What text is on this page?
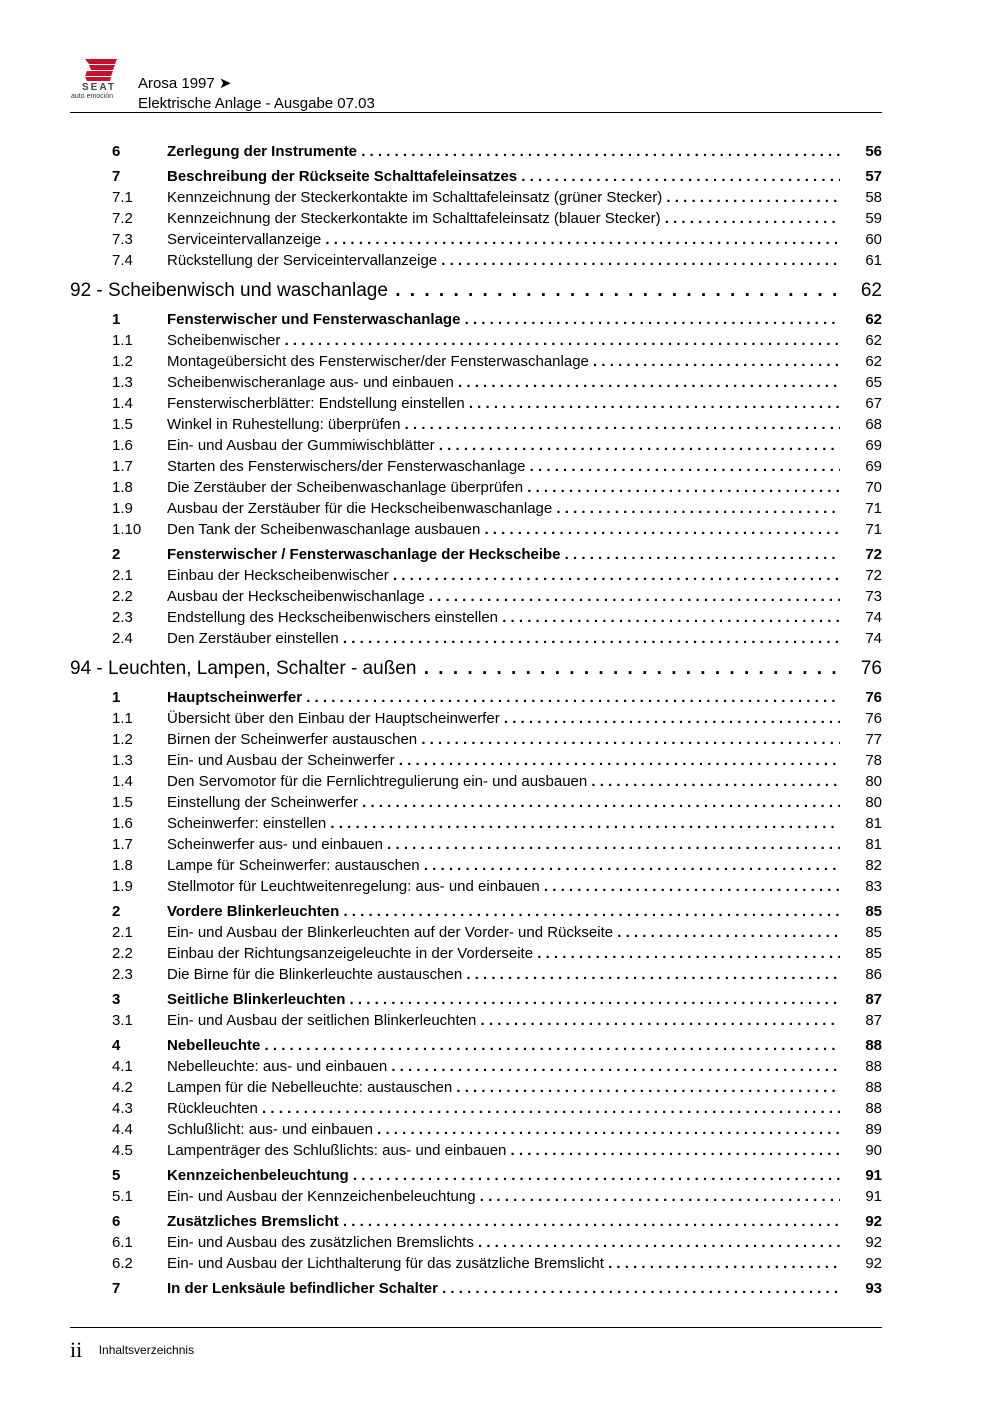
SEAT
auto emoción
Arosa 1997 ➤
Elektrische Anlage - Ausgabe 07.03
6	Zerlegung der Instrumente . . .	56
7	Beschreibung der Rückseite Schalttafeleinsatzes . . .	57
7.1 Kennzeichnung der Steckerkontakte im Schalttafeleinsatz (grüner Stecker) . . .	58
7.2 Kennzeichnung der Steckerkontakte im Schalttafeleinsatz (blauer Stecker) . . .	59
7.3 Serviceintervallanzeige . . .	60
7.4 Rückstellung der Serviceintervallanzeige . . .	61
92 - Scheibenwisch und waschanlage . . .	62
1	Fensterwischer und Fensterwaschanlage . . .	62
1.1 Scheibenwischer . . .	62
1.2 Montageübersicht des Fensterwischer/der Fensterwaschanlage . . .	62
1.3 Scheibenwischeranlage aus- und einbauen . . .	65
1.4 Fensterwischerblätter: Endstellung einstellen . . .	67
1.5 Winkel in Ruhestellung: überprüfen . . .	68
1.6 Ein- und Ausbau der Gummiwischblätter . . .	69
1.7 Starten des Fensterwischers/der Fensterwaschanlage . . .	69
1.8 Die Zerstäuber der Scheibenwaschanlage überprüfen . . .	70
1.9 Ausbau der Zerstäuber für die Heckscheibenwaschanlage . . .	71
1.10 Den Tank der Scheibenwaschanlage ausbauen . . .	71
2	Fensterwischer / Fensterwaschanlage der Heckscheibe . . .	72
2.1 Einbau der Heckscheibenwischer . . .	72
2.2 Ausbau der Heckscheibenwischanlage . . .	73
2.3 Endstellung des Heckscheibenwischers einstellen . . .	74
2.4 Den Zerstäuber einstellen . . .	74
94 - Leuchten, Lampen, Schalter - außen . . .	76
1	Hauptscheinwerfer . . .	76
1.1 Übersicht über den Einbau der Hauptscheinwerfer . . .	76
1.2 Birnen der Scheinwerfer austauschen . . .	77
1.3 Ein- und Ausbau der Scheinwerfer . . .	78
1.4 Den Servomotor für die Fernlichtregulierung ein- und ausbauen . . .	80
1.5 Einstellung der Scheinwerfer . . .	80
1.6 Scheinwerfer: einstellen . . .	81
1.7 Scheinwerfer aus- und einbauen . . .	81
1.8 Lampe für Scheinwerfer: austauschen . . .	82
1.9 Stellmotor für Leuchtweitenregelung: aus- und einbauen . . .	83
2	Vordere Blinkerleuchten . . .	85
2.1 Ein- und Ausbau der Blinkerleuchten auf der Vorder- und Rückseite . . .	85
2.2 Einbau der Richtungsanzeigeleuchte in der Vorderseite . . .	85
2.3 Die Birne für die Blinkerleuchte austauschen . . .	86
3	Seitliche Blinkerleuchten . . .	87
3.1 Ein- und Ausbau der seitlichen Blinkerleuchten . . .	87
4	Nebelleuchte . . .	88
4.1 Nebelleuchte: aus- und einbauen . . .	88
4.2 Lampen für die Nebelleuchte: austauschen . . .	88
4.3 Rückleuchten . . .	88
4.4 Schlußlicht: aus- und einbauen . . .	89
4.5 Lampenträger des Schlußlichts: aus- und einbauen . . .	90
5	Kennzeichenbeleuchtung . . .	91
5.1 Ein- und Ausbau der Kennzeichenbeleuchtung . . .	91
6	Zusätzliches Bremslicht . . .	92
6.1 Ein- und Ausbau des zusätzlichen Bremslichts . . .	92
6.2 Ein- und Ausbau der Lichthalterung für das zusätzliche Bremslicht . . .	92
7	In der Lenksäule befindlicher Schalter . . .	93
ii Inhaltsverzeichnis
